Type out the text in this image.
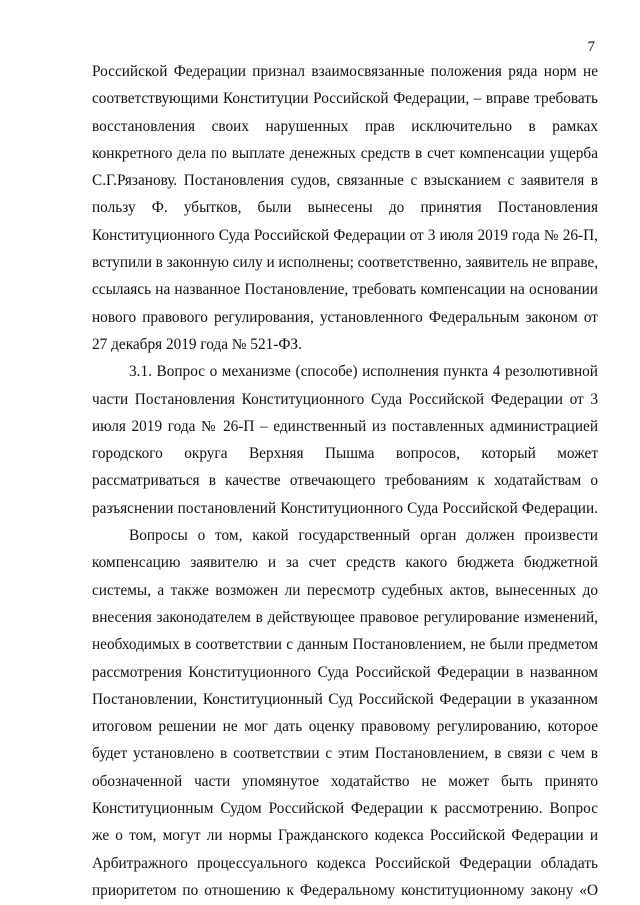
7

Российской Федерации признал взаимосвязанные положения ряда норм не
соответствующими Конституции Российской Федерации, – вправе требовать
восстановления своих нарушенных прав исключительно в рамках
конкретного дела по выплате денежных средств в счет компенсации ущерба
С.Г.Рязанову. Постановления судов, связанные с взысканием с заявителя в
пользу Ф. убытков, были вынесены до принятия Постановления
Конституционного Суда Российской Федерации от 3 июля 2019 года № 26-П,
вступили в законную силу и исполнены; соответственно, заявитель не вправе,
ссылаясь на названное Постановление, требовать компенсации на основании
нового правового регулирования, установленного Федеральным законом от
27 декабря 2019 года № 521-ФЗ.

3.1. Вопрос о механизме (способе) исполнения пункта 4 резолютивной
части Постановления Конституционного Суда Российской Федерации от 3
июля 2019 года № 26-П – единственный из поставленных администрацией
городского округа Верхняя Пышма вопросов, который может
рассматриваться в качестве отвечающего требованиям к ходатайствам о
разъяснении постановлений Конституционного Суда Российской Федерации.

Вопросы о том, какой государственный орган должен произвести
компенсацию заявителю и за счет средств какого бюджета бюджетной
системы, а также возможен ли пересмотр судебных актов, вынесенных до
внесения законодателем в действующее правовое регулирование изменений,
необходимых в соответствии с данным Постановлением, не были предметом
рассмотрения Конституционного Суда Российской Федерации в названном
Постановлении, Конституционный Суд Российской Федерации в указанном
итоговом решении не мог дать оценку правовому регулированию, которое
будет установлено в соответствии с этим Постановлением, в связи с чем в
обозначенной части упомянутое ходатайство не может быть принято
Конституционным Судом Российской Федерации к рассмотрению. Вопрос
же о том, могут ли нормы Гражданского кодекса Российской Федерации и
Арбитражного процессуального кодекса Российской Федерации обладать
приоритетом по отношению к Федеральному конституционному закону «О
